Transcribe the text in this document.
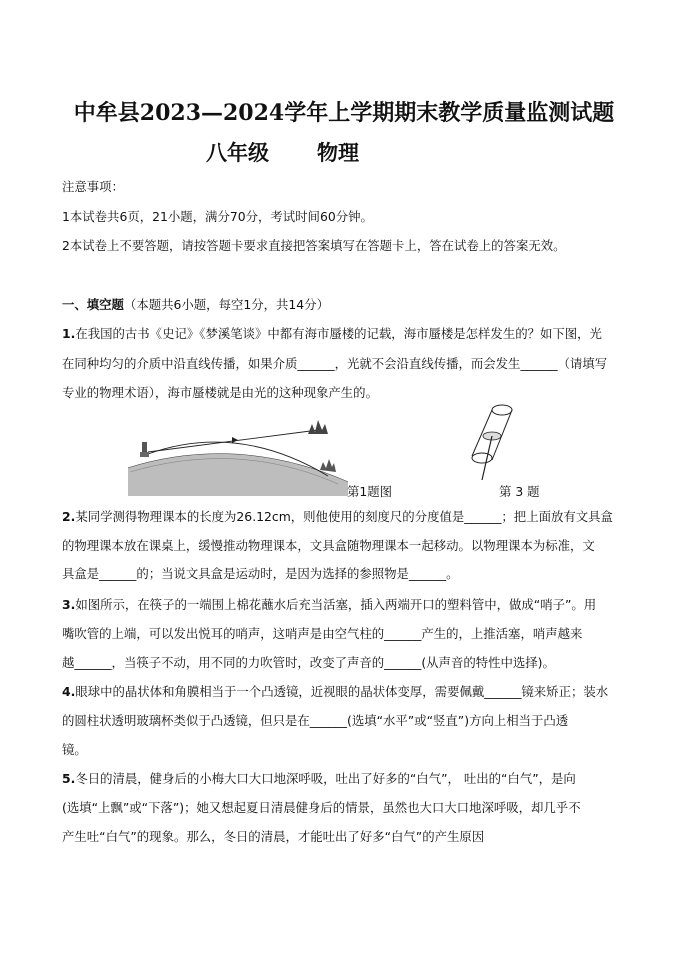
中牟县2023—2024学年上学期期末教学质量监测试题
八年级 物理
注意事项：
1本试卷共6页，21小题，满分70分，考试时间60分钟。
2本试卷上不要答题，请按答题卡要求直接把答案填写在答题卡上，答在试卷上的答案无效。
一、填空题（本题共6小题，每空1分，共14分）
1.在我国的古书《史记》《梦溪笔谈》中都有海市蜃楼的记载，海市蜃楼是怎样发生的？如下图，光
在同种均匀的介质中沿直线传播，如果介质______，光就不会沿直线传播，而会发生______（请填写
专业的物理术语），海市蜃楼就是由光的这种现象产生的。
第1题图	第 3 题
2.某同学测得物理课本的长度为26.12cm，则他使用的刻度尺的分度值是______；把上面放有文具盒
的物理课本放在课桌上，缓慢推动物理课本，文具盒随物理课本一起移动。以物理课本为标准，文
具盒是______的；当说文具盒是运动时，是因为选择的参照物是______。
3.如图所示，在筷子的一端围上棉花蘸水后充当活塞，插入两端开口的塑料管中，做成“哨子”。用
嘴吹管的上端，可以发出悦耳的哨声，这哨声是由空气柱的______产生的，上推活塞，哨声越来
越______，当筷子不动，用不同的力吹管时，改变了声音的______(从声音的特性中选择)。
4.眼球中的晶状体和角膜相当于一个凸透镜，近视眼的晶状体变厚，需要佩戴______镜来矫正；装水
的圆柱状透明玻璃杯类似于凸透镜，但只是在______(选填“水平”或“竖直”)方向上相当于凸透
镜。
5.冬日的清晨，健身后的小梅大口大口地深呼吸，吐出了好多的“白气”， 吐出的“白气”，是向
(选填“上飘”或“下落”)；她又想起夏日清晨健身后的情景，虽然也大口大口地深呼吸，却几乎不
产生吐“白气”的现象。那么，冬日的清晨，才能吐出了好多“白气”的产生原因
